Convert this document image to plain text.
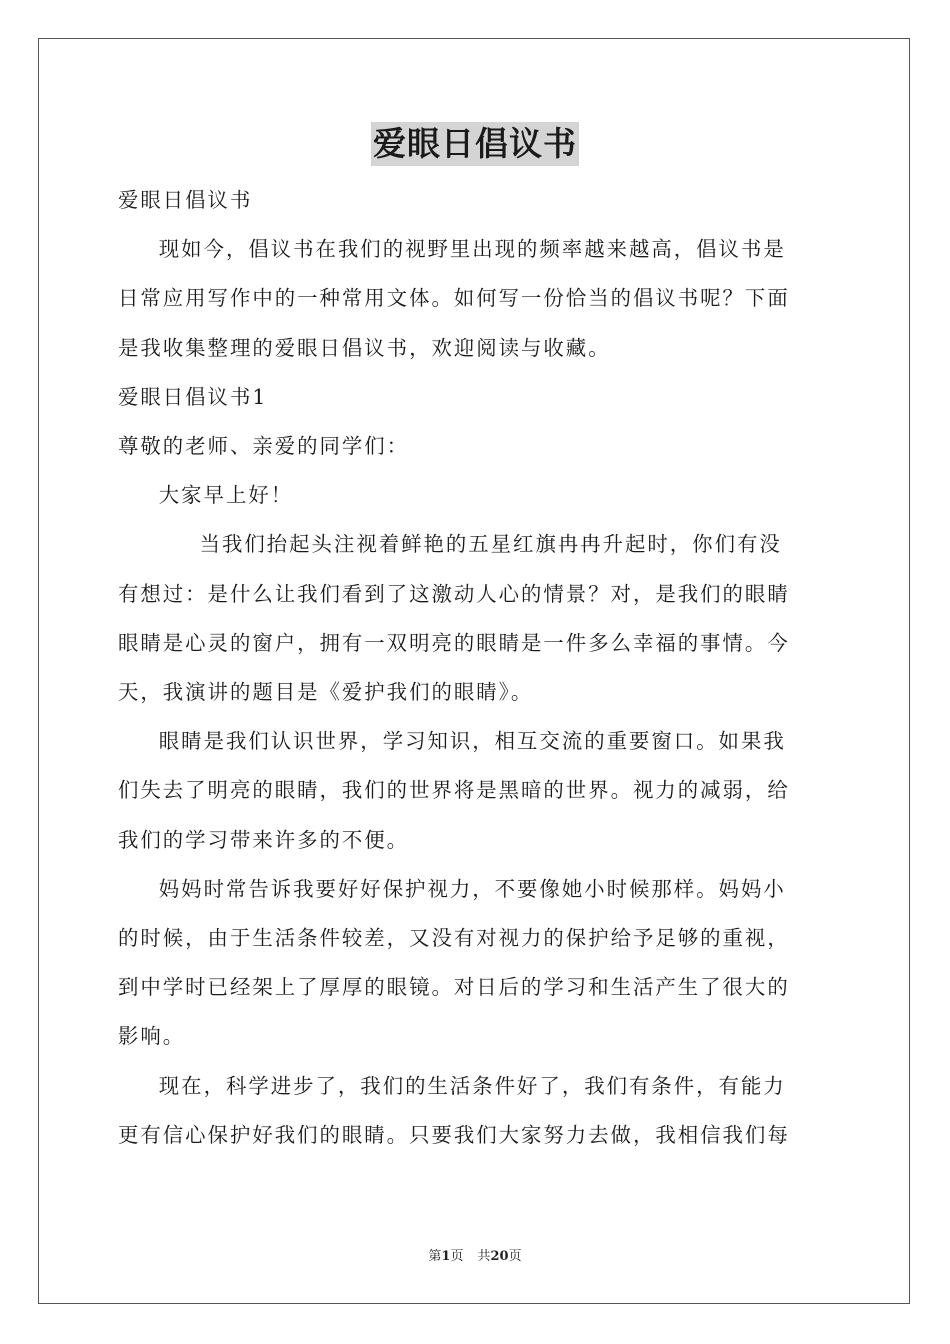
爱眼日倡议书

爱眼日倡议书

现如今，倡议书在我们的视野里出现的频率越来越高，倡议书是

日常应用写作中的一种常用文体。如何写一份恰当的倡议书呢？下面
是我收集整理的爱眼日倡议书，欢迎阅读与收藏。

爱眼日倡议书1

尊敬的老师、亲爱的同学们：

大家早上好！

当我们抬起头注视着鲜艳的五星红旗冉冉升起时，你们有没

有想过：是什么让我们看到了这激动人心的情景？对，是我们的眼睛
眼睛是心灵的窗户，拥有一双明亮的眼睛是一件多么幸福的事情。今
天，我演讲的题目是《爱护我们的眼睛》。

眼睛是我们认识世界，学习知识，相互交流的重要窗口。如果我

们失去了明亮的眼睛，我们的世界将是黑暗的世界。视力的减弱，给
我们的学习带来许多的不便。

妈妈时常告诉我要好好保护视力，不要像她小时候那样。妈妈小

的时候，由于生活条件较差，又没有对视力的保护给予足够的重视，
到中学时已经架上了厚厚的眼镜。对日后的学习和生活产生了很大的
影响。

现在，科学进步了，我们的生活条件好了，我们有条件，有能力

更有信心保护好我们的眼睛。只要我们大家努力去做，我相信我们每

第1页 共20页
